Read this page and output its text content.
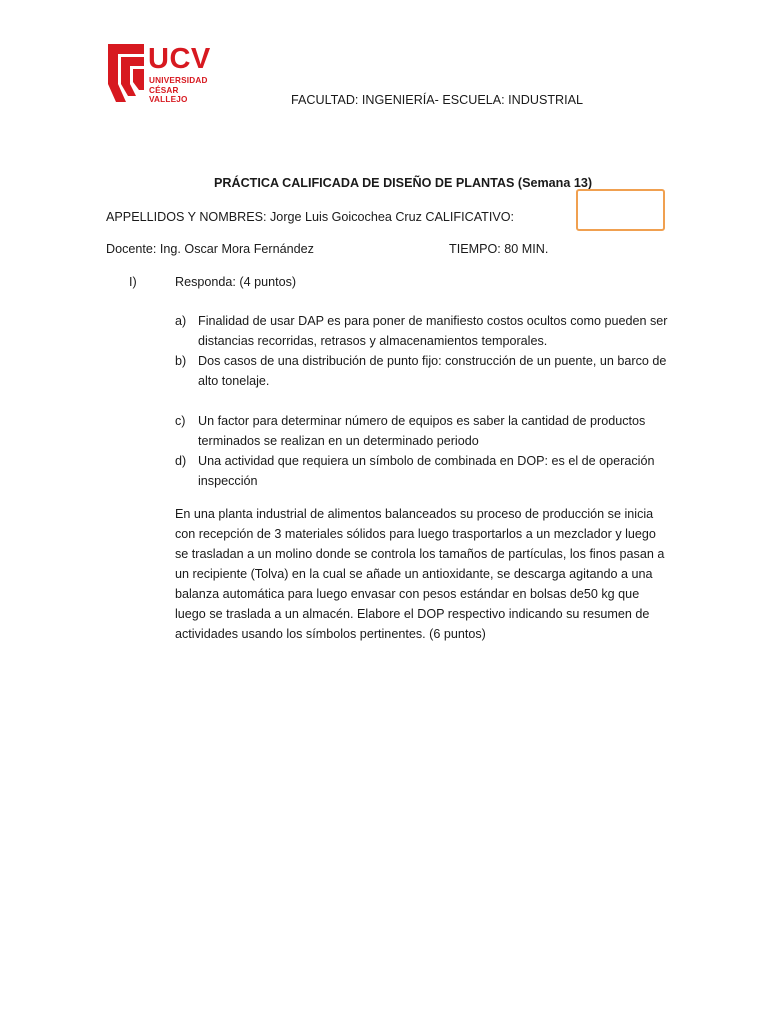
UCV
UNIVERSIDAD
CÉSAR VALLEJO	FACULTAD: INGENIERÍA- ESCUELA: INDUSTRIAL
PRÁCTICA CALIFICADA DE DISEÑO DE PLANTAS (Semana 13)
APPELLIDOS Y NOMBRES: Jorge Luis Goicochea Cruz CALIFICATIVO:
Docente: Ing. Oscar Mora Fernández	TIEMPO: 80 MIN.
I)	Responda: (4 puntos)
a) Finalidad de usar DAP es para poner de manifiesto costos ocultos como pueden ser distancias recorridas, retrasos y almacenamientos temporales.
b) Dos casos de una distribución de punto fijo: construcción de un puente, un barco de alto tonelaje.
c) Un factor para determinar número de equipos es saber la cantidad de productos terminados se realizan en un determinado periodo
d) Una actividad que requiera un símbolo de combinada en DOP: es el de operación inspección
En una planta industrial de alimentos balanceados su proceso de producción se inicia con recepción de 3 materiales sólidos para luego trasportarlos a un mezclador y luego se trasladan a un molino donde se controla los tamaños de partículas, los finos pasan a un recipiente (Tolva) en la cual se añade un antioxidante, se descarga agitando a una balanza automática para luego envasar con pesos estándar en bolsas de50 kg que luego se traslada a un almacén. Elabore el DOP respectivo indicando su resumen de actividades usando los símbolos pertinentes. (6 puntos)
